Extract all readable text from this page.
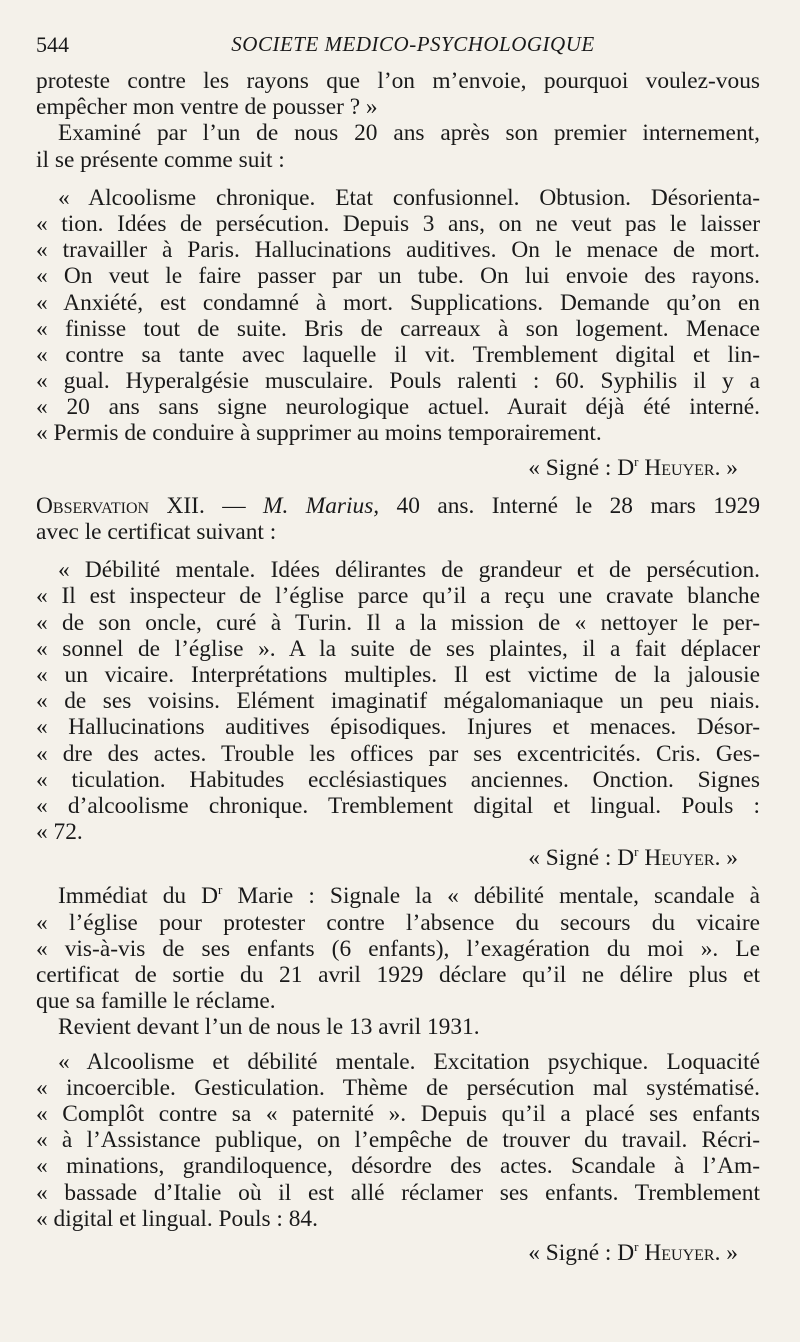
544	SOCIETE MEDICO-PSYCHOLOGIQUE
proteste contre les rayons que l’on m’envoie, pourquoi voulez-vous
empêcher mon ventre de pousser ? »
Examiné par l’un de nous 20 ans après son premier internement,
il se présente comme suit :
« Alcoolisme chronique. Etat confusionnel. Obtusion. Désorienta-
« tion. Idées de persécution. Depuis 3 ans, on ne veut pas le laisser
« travailler à Paris. Hallucinations auditives. On le menace de mort.
« On veut le faire passer par un tube. On lui envoie des rayons.
« Anxiété, est condamné à mort. Supplications. Demande qu’on en
« finisse tout de suite. Bris de carreaux à son logement. Menace
« contre sa tante avec laquelle il vit. Tremblement digital et lin-
« gual. Hyperalgésie musculaire. Pouls ralenti : 60. Syphilis il y a
« 20 ans sans signe neurologique actuel. Aurait déjà été interné.
« Permis de conduire à supprimer au moins temporairement.
« Signé : $D^r$ Heuyer. »
Observation XII. — M. Marius, 40 ans. Interné le 28 mars 1929
avec le certificat suivant :
« Débilité mentale. Idées délirantes de grandeur et de persécution.
« Il est inspecteur de l’église parce qu’il a reçu une cravate blanche
« de son oncle, curé à Turin. Il a la mission de « nettoyer le per-
« sonnel de l’église ». A la suite de ses plaintes, il a fait déplacer
« un vicaire. Interprétations multiples. Il est victime de la jalousie
« de ses voisins. Elément imaginatif mégalomaniaque un peu niais.
« Hallucinations auditives épisodiques. Injures et menaces. Désor-
« dre des actes. Trouble les offices par ses excentricités. Cris. Ges-
« ticulation. Habitudes ecclésiastiques anciennes. Onction. Signes
« d’alcoolisme chronique. Tremblement digital et lingual. Pouls :
« 72.
« Signé : $D^r$ Heuyer. »
Immédiat du $D^r$ Marie : Signale la « débilité mentale, scandale à
« l’église pour protester contre l’absence du secours du vicaire
« vis-à-vis de ses enfants (6 enfants), l’exagération du moi ». Le
certificat de sortie du 21 avril 1929 déclare qu’il ne délire plus et
que sa famille le réclame.
Revient devant l’un de nous le 13 avril 1931.
« Alcoolisme et débilité mentale. Excitation psychique. Loquacité
« incoercible. Gesticulation. Thème de persécution mal systématisé.
« Complôt contre sa « paternité ». Depuis qu’il a placé ses enfants
« à l’Assistance publique, on l’empêche de trouver du travail. Récri-
« minations, grandiloquence, désordre des actes. Scandale à l’Am-
« bassade d’Italie où il est allé réclamer ses enfants. Tremblement
« digital et lingual. Pouls : 84.
« Signé : $D^r$ Heuyer. »
